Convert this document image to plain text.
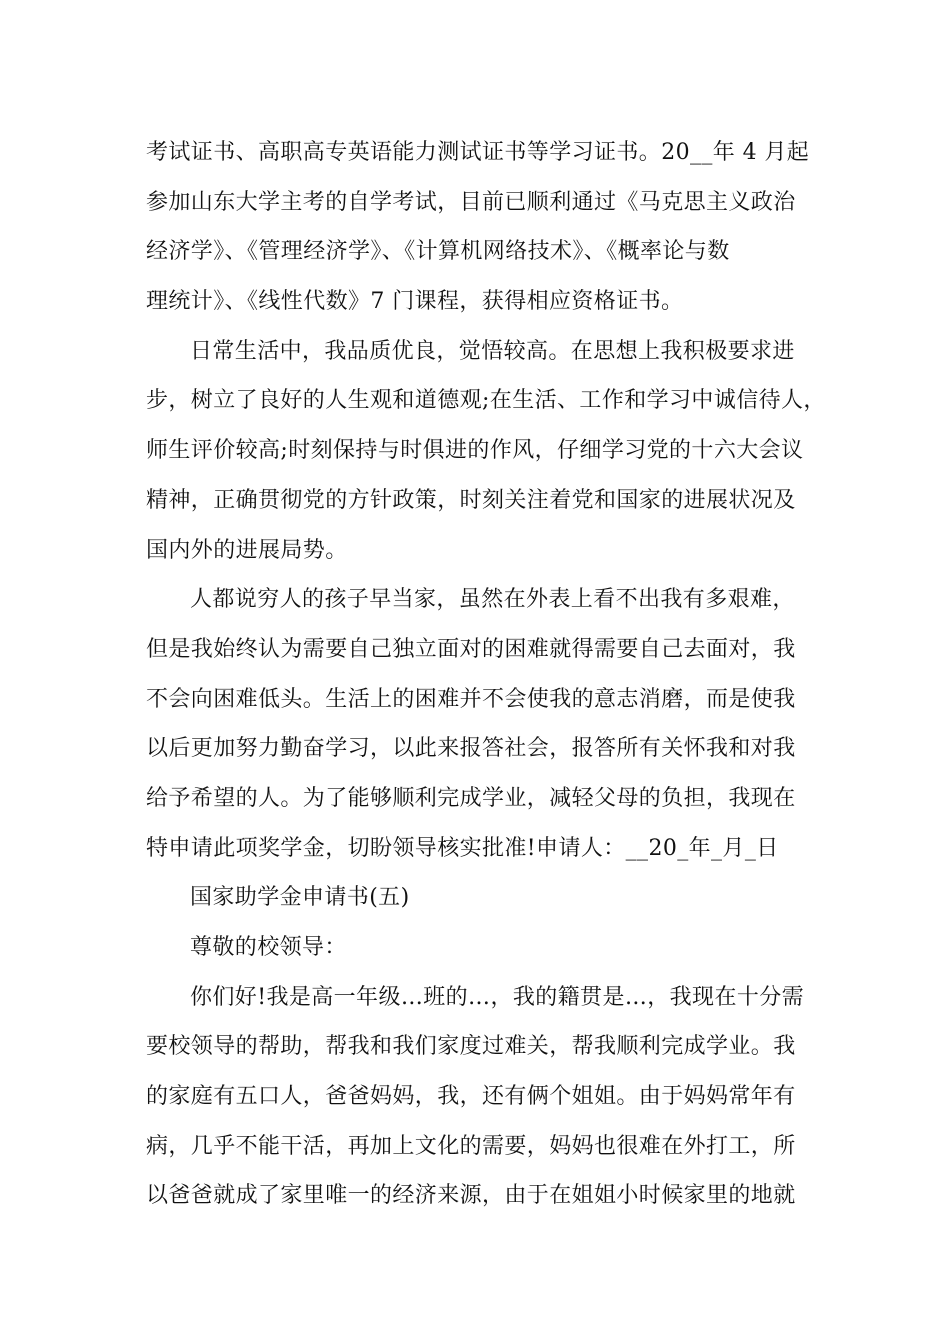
考试证书、高职高专英语能力测试证书等学习证书。20__年 4 月起
参加山东大学主考的自学考试，目前已顺利通过《马克思主义政治
经济学》、《管理经济学》、《计算机网络技术》、《概率论与数
理统计》、《线性代数》7 门课程，获得相应资格证书。
日常生活中，我品质优良，觉悟较高。在思想上我积极要求进
步，树立了良好的人生观和道德观;在生活、工作和学习中诚信待人，
师生评价较高;时刻保持与时俱进的作风，仔细学习党的十六大会议
精神，正确贯彻党的方针政策，时刻关注着党和国家的进展状况及
国内外的进展局势。
人都说穷人的孩子早当家，虽然在外表上看不出我有多艰难，
但是我始终认为需要自己独立面对的困难就得需要自己去面对，我
不会向困难低头。生活上的困难并不会使我的意志消磨，而是使我
以后更加努力勤奋学习，以此来报答社会，报答所有关怀我和对我
给予希望的人。为了能够顺利完成学业，减轻父母的负担，我现在
特申请此项奖学金，切盼领导核实批准!申请人：__20_年_月_日
国家助学金申请书(五)
尊敬的校领导：
你们好!我是高一年级…班的…，我的籍贯是…，我现在十分需
要校领导的帮助，帮我和我们家度过难关，帮我顺利完成学业。我
的家庭有五口人，爸爸妈妈，我，还有俩个姐姐。由于妈妈常年有
病，几乎不能干活，再加上文化的需要，妈妈也很难在外打工，所
以爸爸就成了家里唯一的经济来源，由于在姐姐小时候家里的地就
